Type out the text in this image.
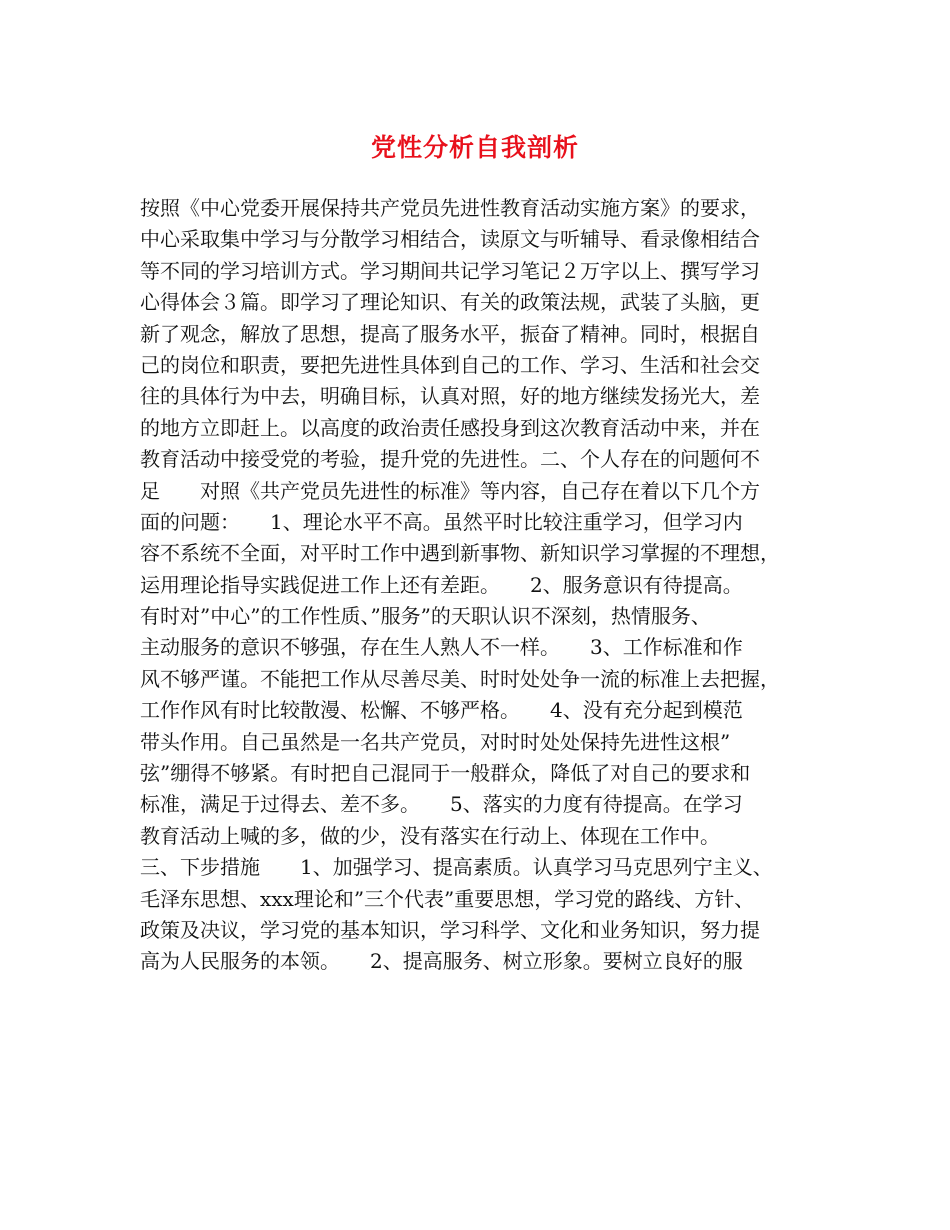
党性分析自我剖析
按照《中心党委开展保持共产党员先进性教育活动实施方案》的要求，
中心采取集中学习与分散学习相结合，读原文与听辅导、看录像相结合
等不同的学习培训方式。学习期间共记学习笔记２万字以上、撰写学习
心得体会３篇。即学习了理论知识、有关的政策法规，武装了头脑，更
新了观念，解放了思想，提高了服务水平，振奋了精神。同时，根据自
己的岗位和职责，要把先进性具体到自己的工作、学习、生活和社会交
往的具体行为中去，明确目标，认真对照，好的地方继续发扬光大，差
的地方立即赶上。以高度的政治责任感投身到这次教育活动中来，并在
教育活动中接受党的考验，提升党的先进性。二、个人存在的问题何不
足　　对照《共产党员先进性的标准》等内容，自己存在着以下几个方
面的问题：　　1、理论水平不高。虽然平时比较注重学习，但学习内
容不系统不全面，对平时工作中遇到新事物、新知识学习掌握的不理想，
运用理论指导实践促进工作上还有差距。　　2、服务意识有待提高。
有时对”中心”的工作性质、”服务”的天职认识不深刻，热情服务、
主动服务的意识不够强，存在生人熟人不一样。　　3、工作标准和作
风不够严谨。不能把工作从尽善尽美、时时处处争一流的标准上去把握，
工作作风有时比较散漫、松懈、不够严格。　　4、没有充分起到模范
带头作用。自己虽然是一名共产党员，对时时处处保持先进性这根”
弦”绷得不够紧。有时把自己混同于一般群众，降低了对自己的要求和
标准，满足于过得去、差不多。　　5、落实的力度有待提高。在学习
教育活动上喊的多，做的少，没有落实在行动上、体现在工作中。
三、下步措施　　1、加强学习、提高素质。认真学习马克思列宁主义、
毛泽东思想、xxx理论和”三个代表”重要思想，学习党的路线、方针、
政策及决议，学习党的基本知识，学习科学、文化和业务知识，努力提
高为人民服务的本领。　　2、提高服务、树立形象。要树立良好的服
